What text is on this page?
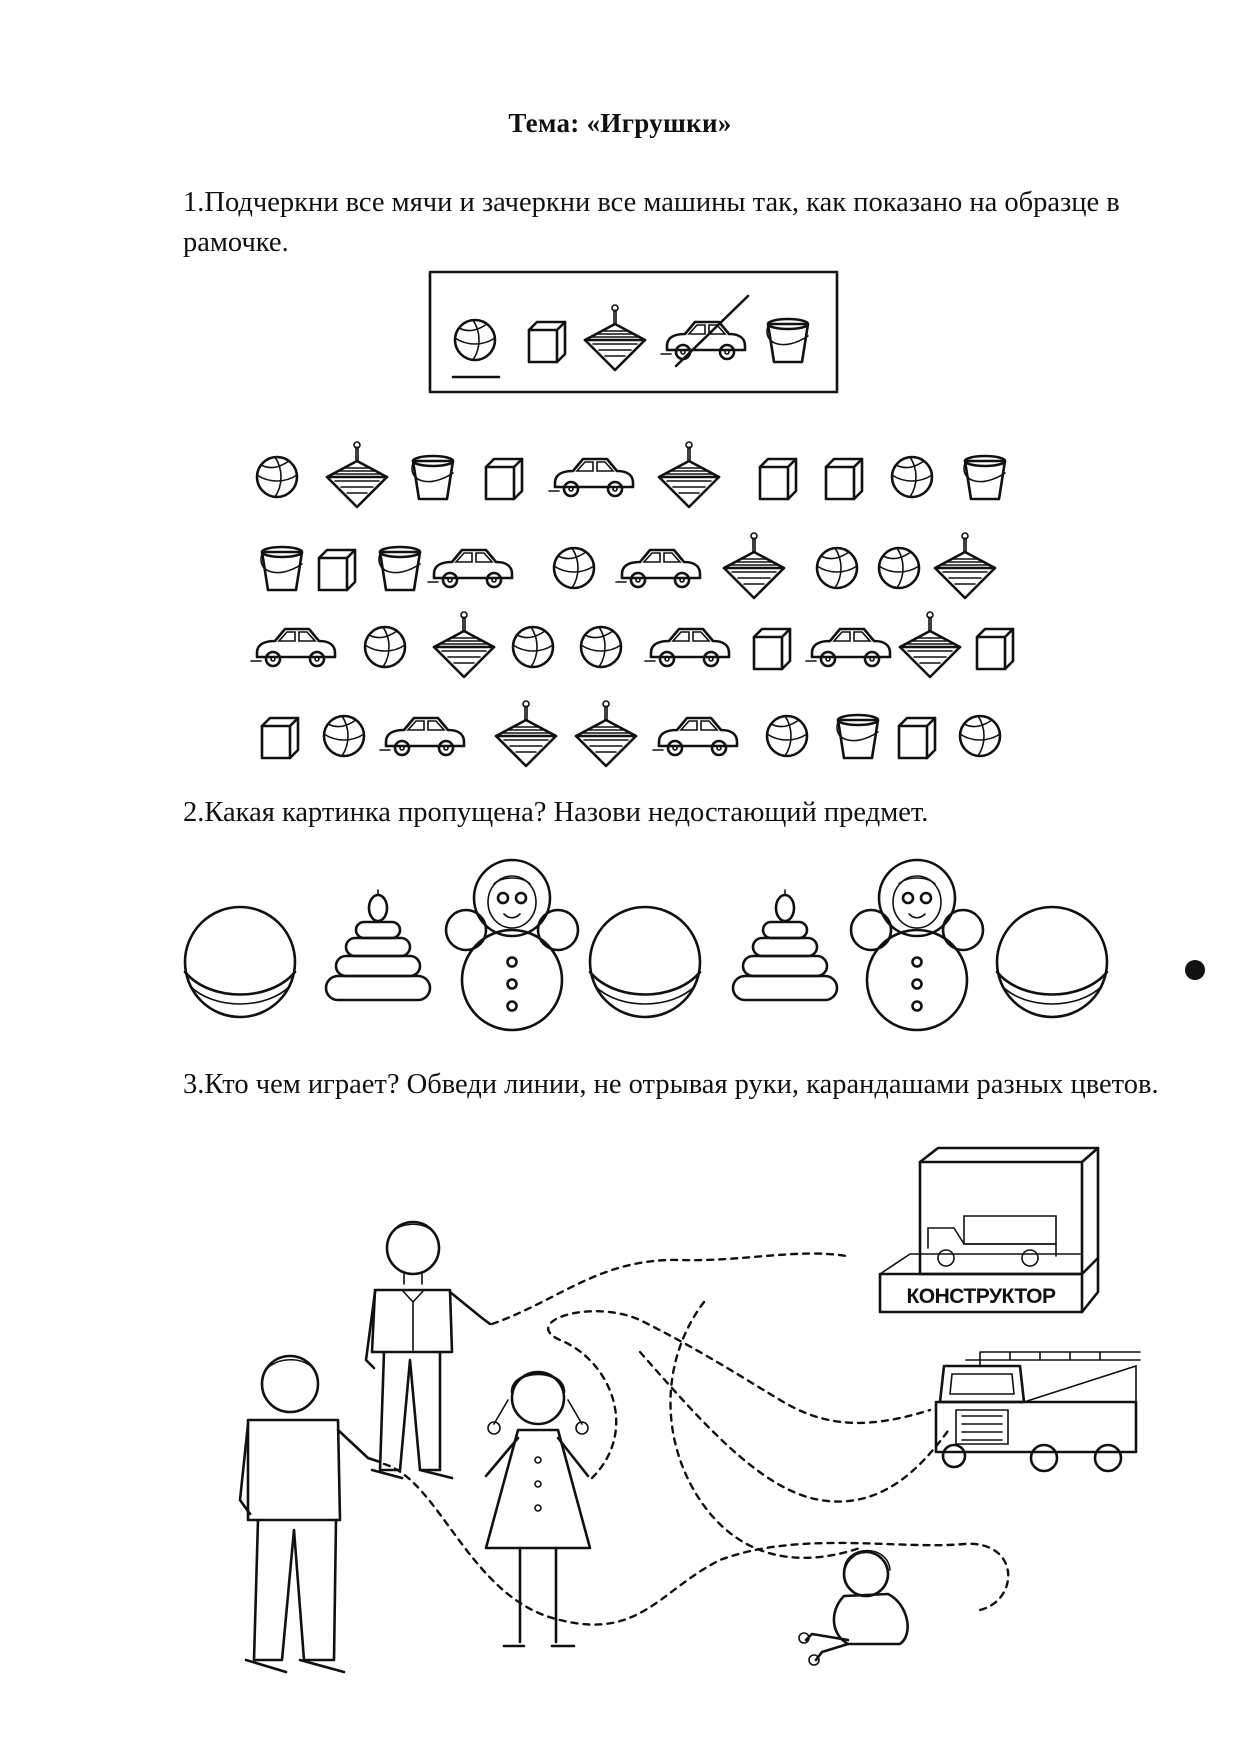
Тема: «Игрушки»
1.Подчеркни все мячи и зачеркни все машины так, как показано на образце в рамочке.
2.Какая картинка пропущена? Назови недостающий предмет.
3.Кто чем играет? Обведи линии, не отрывая руки, карандашами разных цветов.
КОНСТРУКТОР
